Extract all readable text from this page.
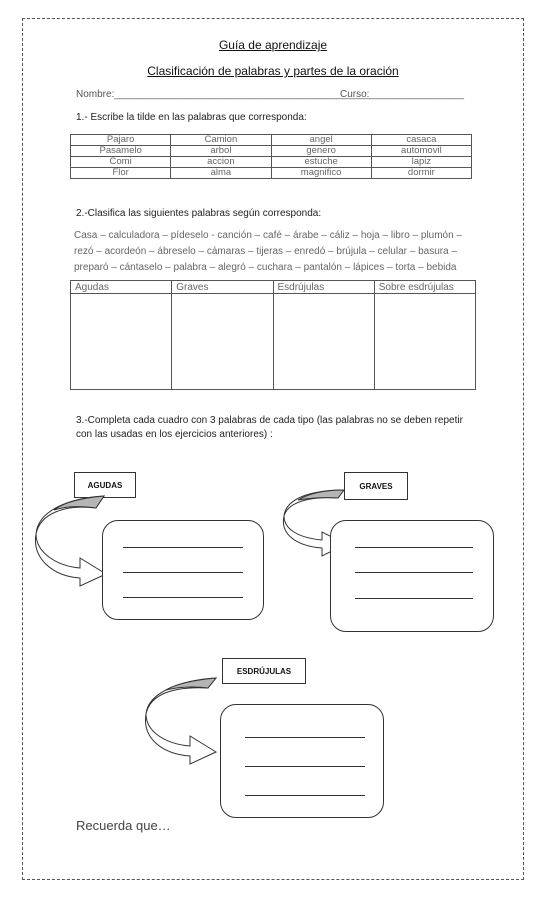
Guía de aprendizaje
Clasificación de palabras y partes de la oración
Nombre:______________________________________________
Curso:_________________
1.- Escribe la tilde en las palabras que corresponda:
Pajaro	Camion	angel	casaca
Pasamelo	arbol	genero	automovil
Comi	accion	estuche	lapiz
Flor	alma	magnifico	dormir
2.-Clasifica las siguientes palabras según corresponda:
Casa – calculadora – pídeselo - canción – café – árabe – cáliz – hoja – libro – plumón –
rezó – acordeón – ábreselo – cámaras – tijeras – enredó – brújula – celular – basura –
preparó – cántaselo – palabra – alegró – cuchara – pantalón – lápices – torta – bebida
Agudas	Graves	Esdrújulas	Sobre esdrújulas

3.-Completa cada cuadro con 3 palabras de cada tipo (las palabras no se deben repetir
con las usadas en los ejercicios anteriores) :
AGUDAS	GRAVES
ESDRÚJULAS
Recuerda que…
